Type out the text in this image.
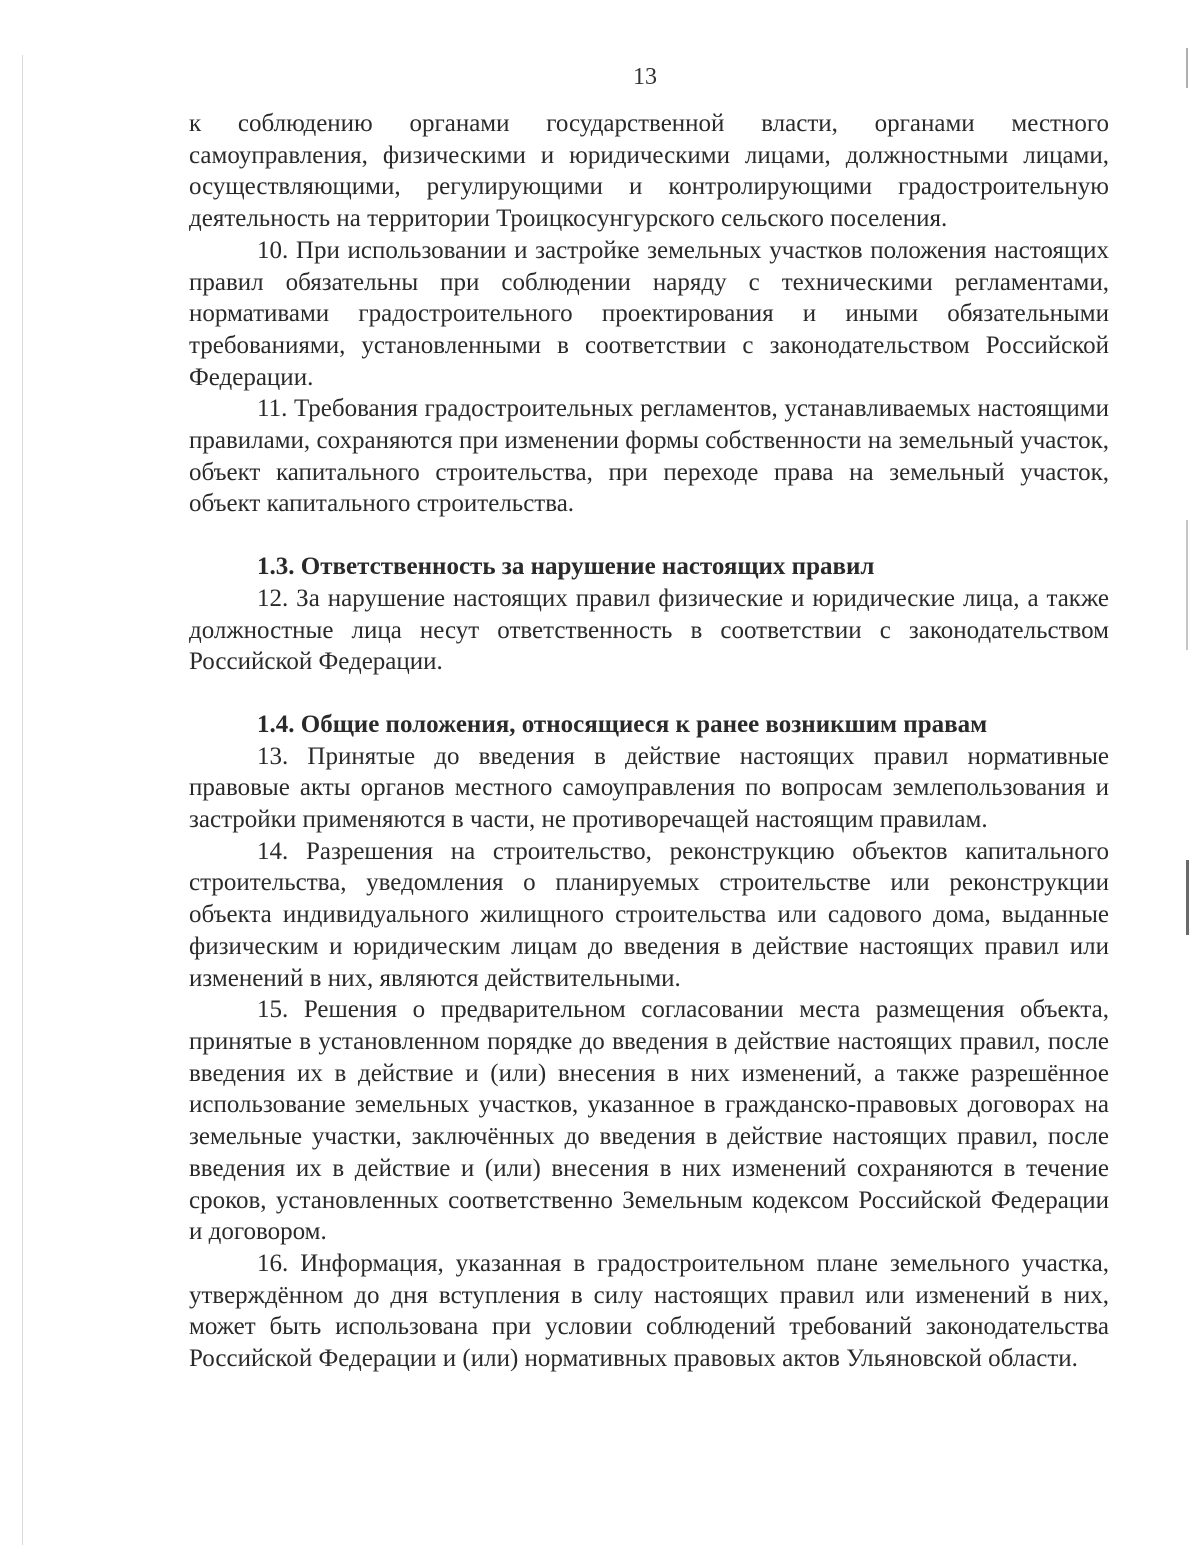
13

к соблюдению органами государственной власти, органами местного самоуправления, физическими и юридическими лицами, должностными лицами, осуществляющими, регулирующими и контролирующими градостроительную деятельность на территории Троицкосунгурского сельского поселения.

10. При использовании и застройке земельных участков положения настоящих правил обязательны при соблюдении наряду с техническими регламентами, нормативами градостроительного проектирования и иными обязательными требованиями, установленными в соответствии с законодательством Российской Федерации.

11. Требования градостроительных регламентов, устанавливаемых настоящими правилами, сохраняются при изменении формы собственности на земельный участок, объект капитального строительства, при переходе права на земельный участок, объект капитального строительства.

1.3. Ответственность за нарушение настоящих правил

12. За нарушение настоящих правил физические и юридические лица, а также должностные лица несут ответственность в соответствии с законодательством Российской Федерации.

1.4. Общие положения, относящиеся к ранее возникшим правам

13. Принятые до введения в действие настоящих правил нормативные правовые акты органов местного самоуправления по вопросам землепользования и застройки применяются в части, не противоречащей настоящим правилам.

14. Разрешения на строительство, реконструкцию объектов капитального строительства, уведомления о планируемых строительстве или реконструкции объекта индивидуального жилищного строительства или садового дома, выданные физическим и юридическим лицам до введения в действие настоящих правил или изменений в них, являются действительными.

15. Решения о предварительном согласовании места размещения объекта, принятые в установленном порядке до введения в действие настоящих правил, после введения их в действие и (или) внесения в них изменений, а также разрешённое использование земельных участков, указанное в гражданско-правовых договорах на земельные участки, заключённых до введения в действие настоящих правил, после введения их в действие и (или) внесения в них изменений сохраняются в течение сроков, установленных соответственно Земельным кодексом Российской Федерации и договором.

16. Информация, указанная в градостроительном плане земельного участка, утверждённом до дня вступления в силу настоящих правил или изменений в них, может быть использована при условии соблюдений требований законодательства Российской Федерации и (или) нормативных правовых актов Ульяновской области.
